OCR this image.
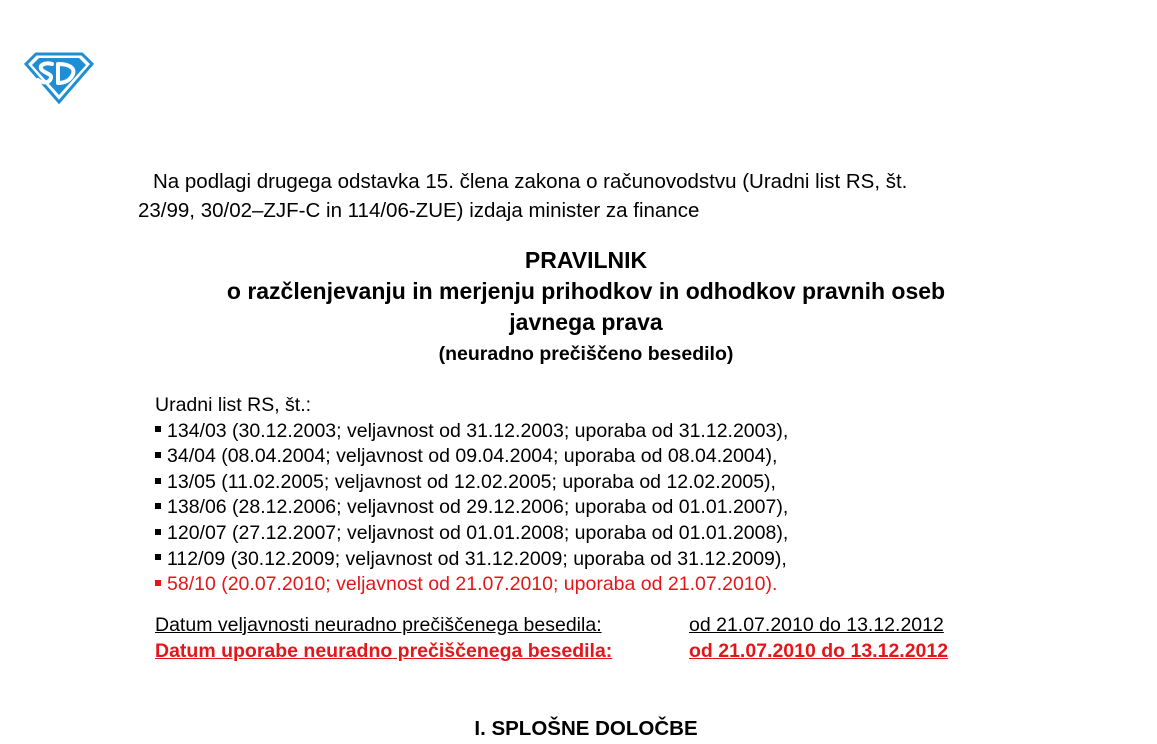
Na podlagi drugega odstavka 15. člena zakona o računovodstvu (Uradni list RS, št.
23/99, 30/02–ZJF-C in 114/06-ZUE) izdaja minister za finance
PRAVILNIK
o razčlenjevanju in merjenju prihodkov in odhodkov pravnih oseb
javnega prava
(neuradno prečiščeno besedilo)
Uradni list RS, št.:
134/03 (30.12.2003; veljavnost od 31.12.2003; uporaba od 31.12.2003),
34/04 (08.04.2004; veljavnost od 09.04.2004; uporaba od 08.04.2004),
13/05 (11.02.2005; veljavnost od 12.02.2005; uporaba od 12.02.2005),
138/06 (28.12.2006; veljavnost od 29.12.2006; uporaba od 01.01.2007),
120/07 (27.12.2007; veljavnost od 01.01.2008; uporaba od 01.01.2008),
112/09 (30.12.2009; veljavnost od 31.12.2009; uporaba od 31.12.2009),
58/10 (20.07.2010; veljavnost od 21.07.2010; uporaba od 21.07.2010).
Datum veljavnosti neuradno prečiščenega besedila:	od 21.07.2010 do 13.12.2012
Datum uporabe neuradno prečiščenega besedila:	od 21.07.2010 do 13.12.2012
I. SPLOŠNE DOLOČBE
